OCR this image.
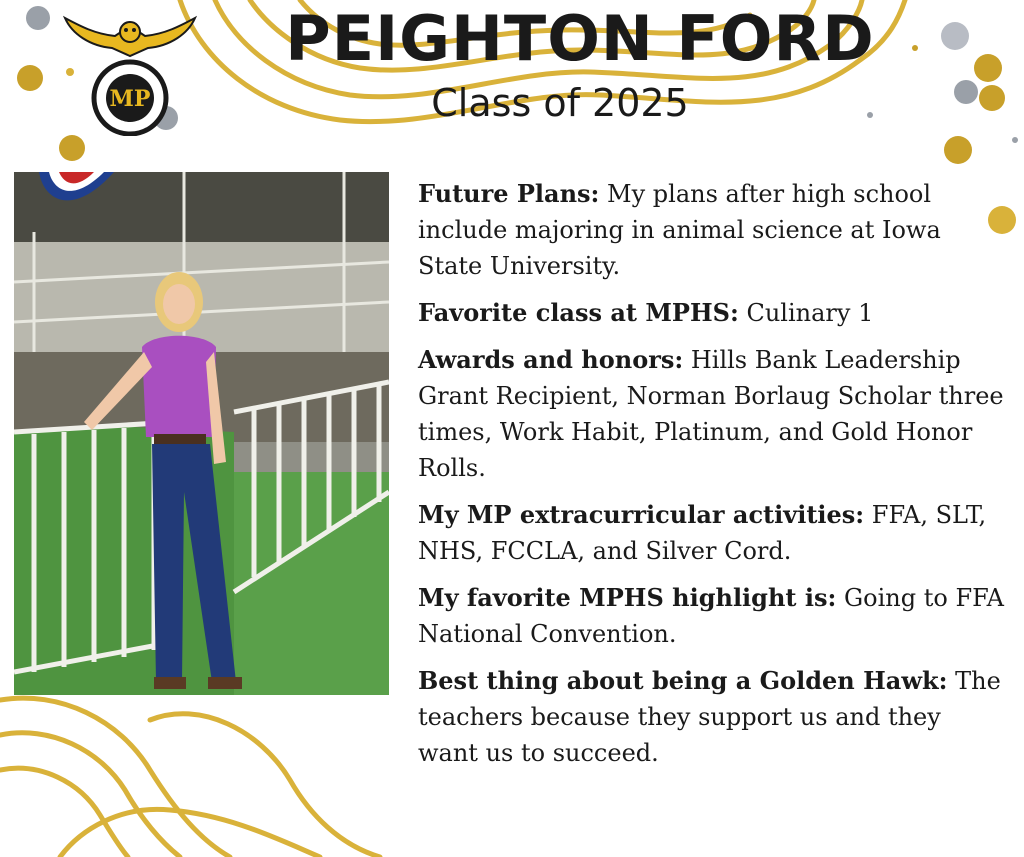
MP
PEIGHTON FORD
Class of 2025

Future Plans: My plans after high school include majoring in animal science at Iowa State University.

Favorite class at MPHS: Culinary 1

Awards and honors: Hills Bank Leadership Grant Recipient, Norman Borlaug Scholar three times, Work Habit, Platinum, and Gold Honor Rolls.

My MP extracurricular activities: FFA, SLT, NHS, FCCLA, and Silver Cord.

My favorite MPHS highlight is: Going to FFA National Convention.

Best thing about being a Golden Hawk: The teachers because they support us and they want us to succeed.
